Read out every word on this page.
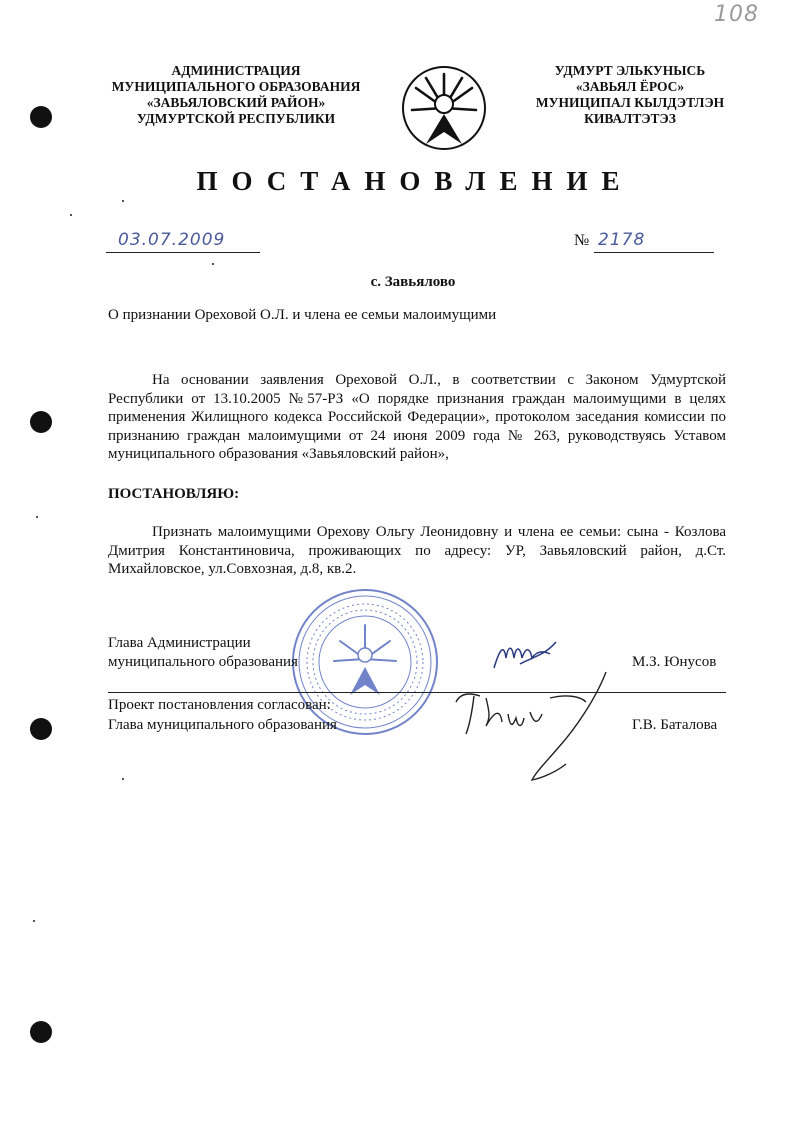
108
АДМИНИСТРАЦИЯ
МУНИЦИПАЛЬНОГО ОБРАЗОВАНИЯ
«ЗАВЬЯЛОВСКИЙ РАЙОН»
УДМУРТСКОЙ РЕСПУБЛИКИ
УДМУРТ ЭЛЬКУНЫСЬ
«ЗАВЬЯЛ ЁРОС»
МУНИЦИПАЛ КЫЛДЭТЛЭН
КИВАЛТЭТЭЗ
ПОСТАНОВЛЕНИЕ
03.07.2009	№ 2178
с. Завьялово
О признании Ореховой О.Л. и члена ее семьи малоимущими
На основании заявления Ореховой О.Л., в соответствии с Законом Удмуртской Республики от 13.10.2005 №57-РЗ «О порядке признания граждан малоимущими в целях применения Жилищного кодекса Российской Федерации», протоколом заседания комиссии по признанию граждан малоимущими от 24 июня 2009 года № 263, руководствуясь Уставом муниципального образования «Завьяловский район»,
ПОСТАНОВЛЯЮ:
Признать малоимущими Орехову Ольгу Леонидовну и члена ее семьи: сына - Козлова Дмитрия Константиновича, проживающих по адресу: УР, Завьяловский район, д.Ст. Михайловское, ул.Совхозная, д.8, кв.2.
Глава Администрации
муниципального образования	М.З. Юнусов
Проект постановления согласован:
Глава муниципального образования	Г.В. Баталова
